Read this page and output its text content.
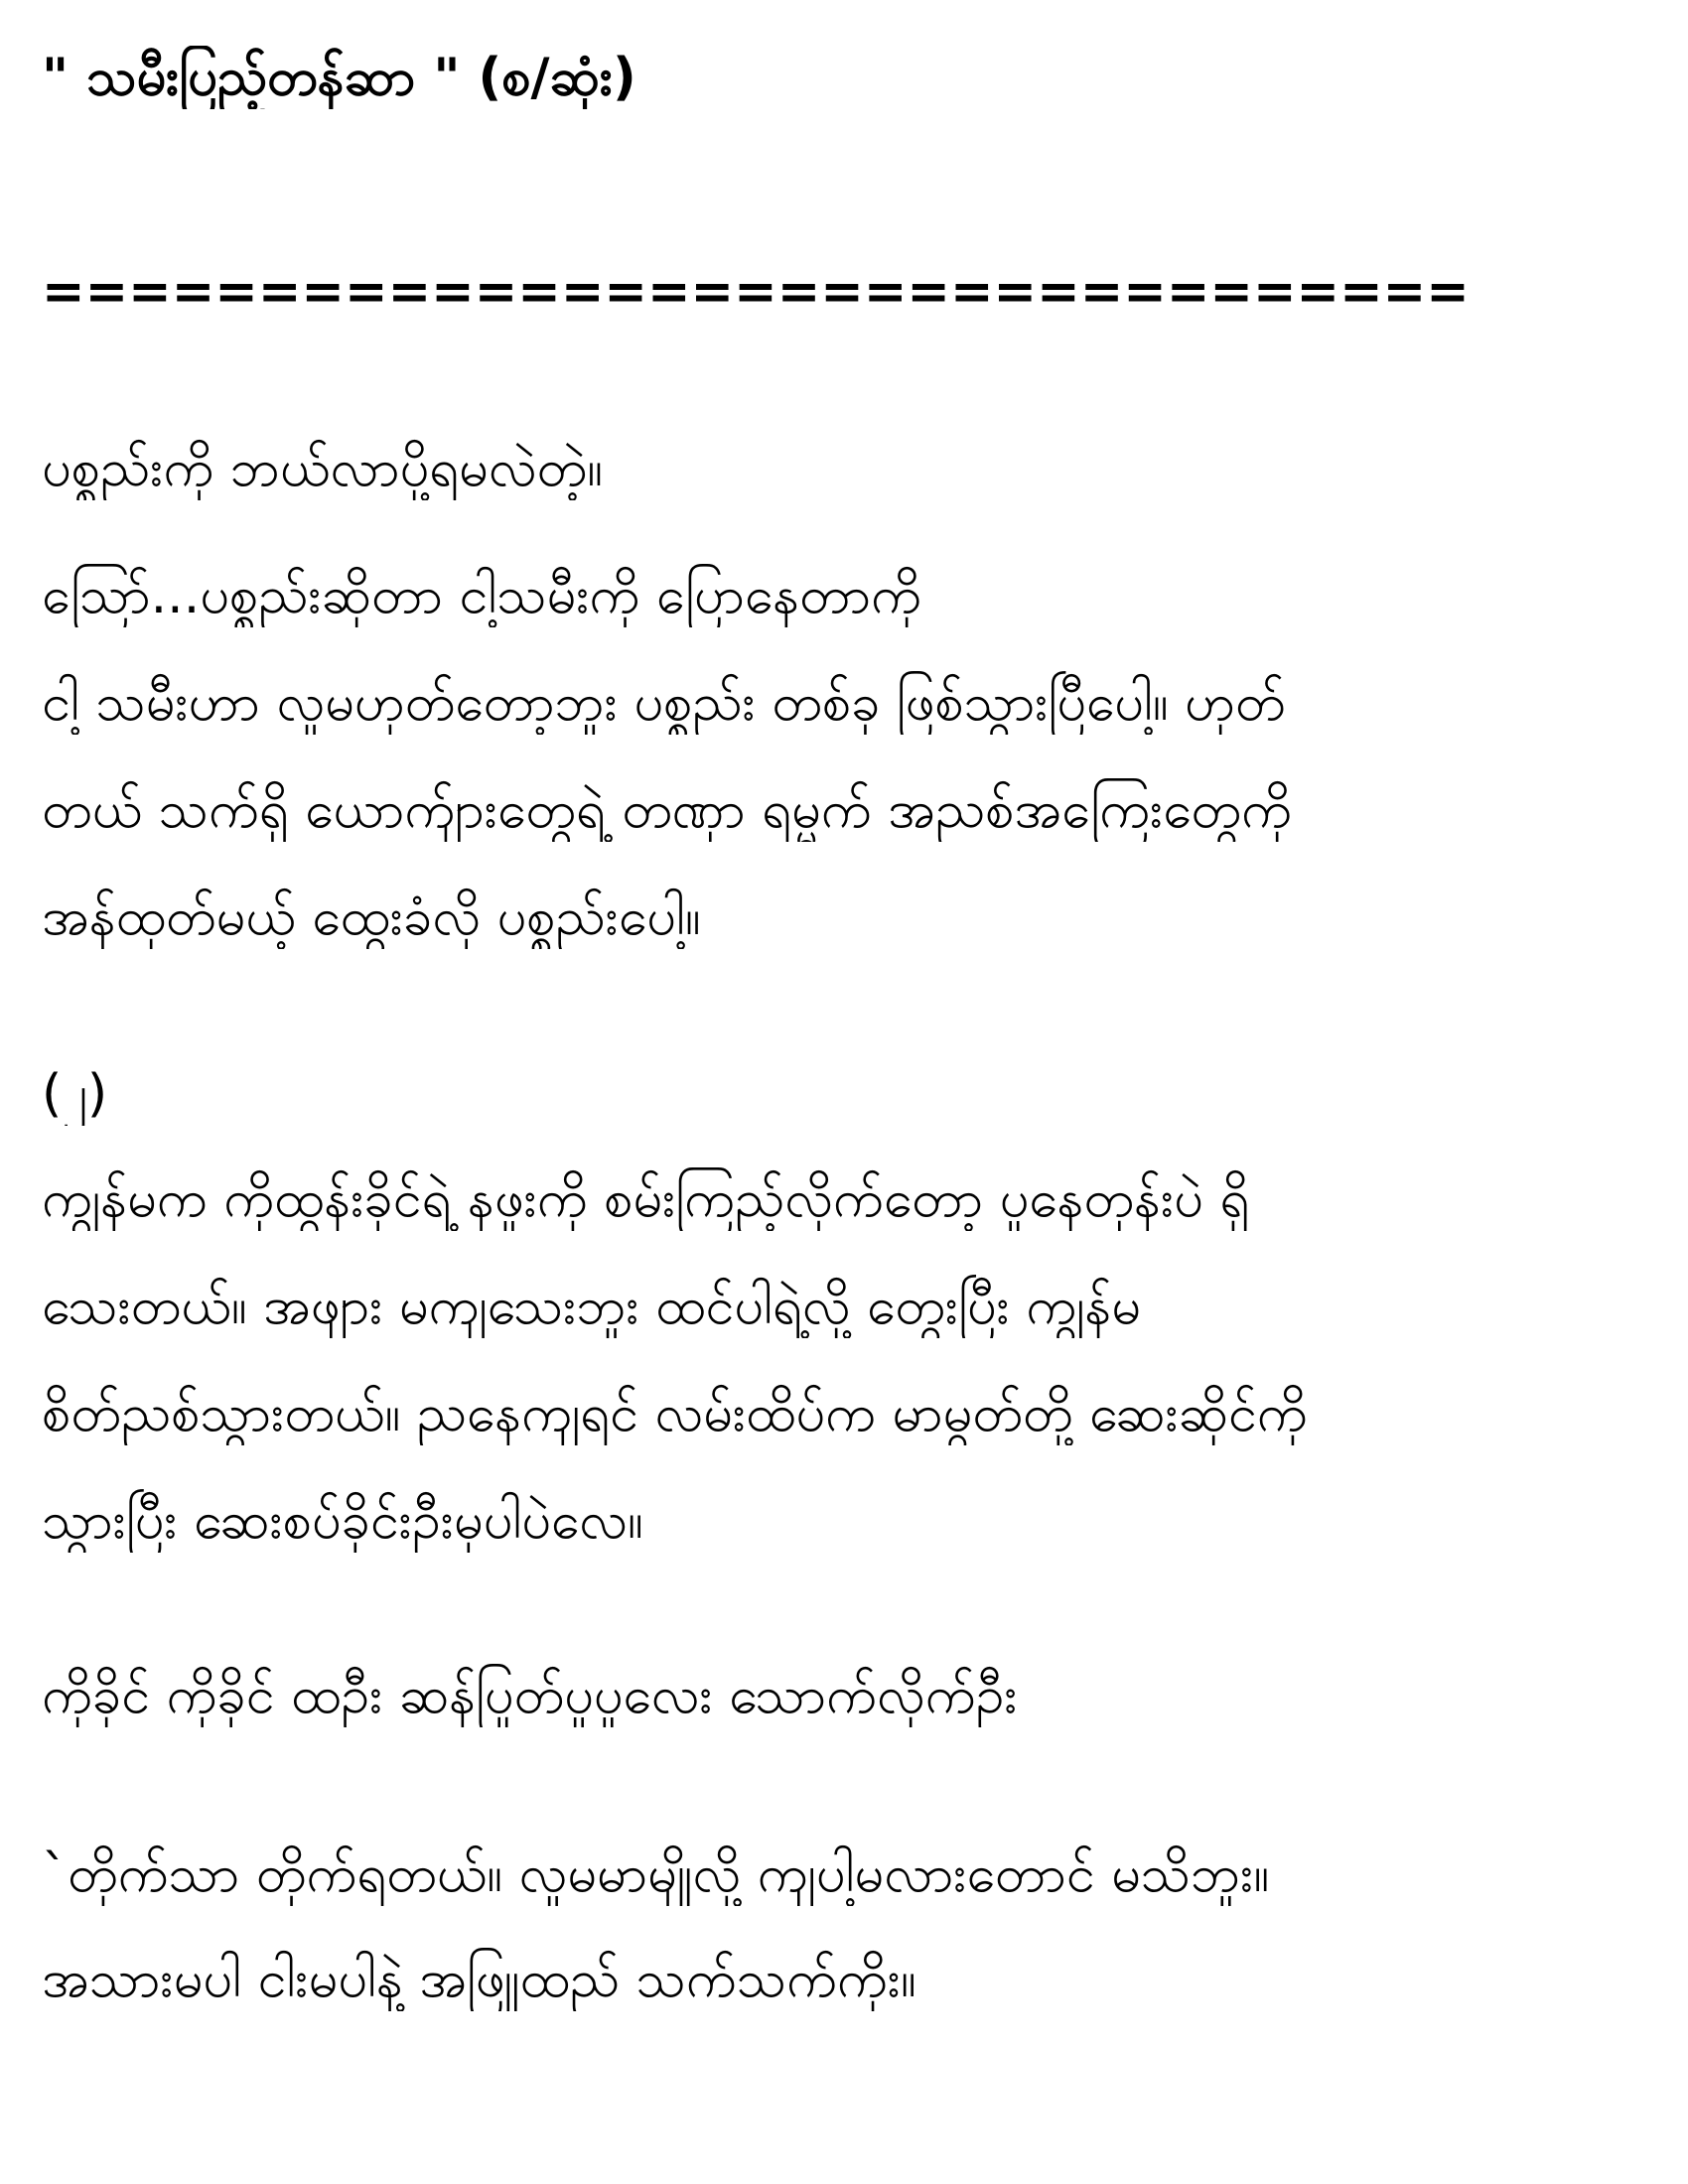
" သမီးပြည့်တန်ဆာ " (စ/ဆုံး)
=================================
ပစ္စည်းကို ဘယ်လာပို့ရမလဲတဲ့။
သြော်...ပစ္စည်းဆိုတာ ငါ့သမီးကို ပြောနေတာကို
ငါ့ သမီးဟာ လူမဟုတ်တော့ဘူး ပစ္စည်း တစ်ခု ဖြစ်သွားပြီပေါ့။ ဟုတ်
တယ် သက်ရှိ ယောက်ျားတွေရဲ့ တဏှာ ရမ္မက် အညစ်အကြေးတွေကို
အန်ထုတ်မယ့် ထွေးခံလို ပစ္စည်းပေါ့။
(၂)
ကျွန်မက ကိုထွန်းခိုင်ရဲ့ နဖူးကို စမ်းကြည့်လိုက်တော့ ပူနေတုန်းပဲ ရှိ
သေးတယ်။ အဖျား မကျသေးဘူး ထင်ပါရဲ့လို့ တွေးပြီး ကျွန်မ
စိတ်ညစ်သွားတယ်။ ညနေကျရင် လမ်းထိပ်က မာမွတ်တို့ ဆေးဆိုင်ကို
သွားပြီး ဆေးစပ်ခိုင်းဦးမှပါပဲလေ။
ကိုခိုင် ကိုခိုင် ထဦး ဆန်ပြုတ်ပူပူလေး သောက်လိုက်ဦး
`တိုက်သာ တိုက်ရတယ်။ လူမမာမျိုလို့ ကျပါ့မလားတောင် မသိဘူး။
အသားမပါ ငါးမပါနဲ့ အဖြူထည် သက်သက်ကိုး။
